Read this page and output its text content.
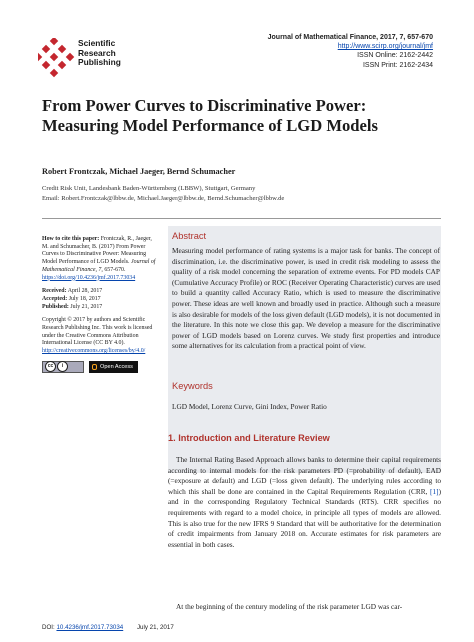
Scientific
Research
Publishing
Journal of Mathematical Finance, 2017, 7, 657-670
http://www.scirp.org/journal/jmf
ISSN Online: 2162-2442
ISSN Print: 2162-2434
From Power Curves to Discriminative Power:
Measuring Model Performance of LGD Models
Robert Frontczak, Michael Jaeger, Bernd Schumacher
Credit Risk Unit, Landesbank Baden-Württemberg (LBBW), Stuttgart, Germany
Email: Robert.Frontczak@lbbw.de, Michael.Jaeger@lbbw.de, Bernd.Schumacher@lbbw.de

How to cite this paper: Frontczak, R., Jaeger, M. and Schumacher, B. (2017) From Power Curves to Discriminative Power: Measuring Model Performance of LGD Models. Journal of Mathematical Finance, 7, 657-670. https://doi.org/10.4236/jmf.2017.73034

Received: April 28, 2017
Accepted: July 18, 2017
Published: July 21, 2017

Copyright © 2017 by authors and Scientific Research Publishing Inc. This work is licensed under the Creative Commons Attribution International License (CC BY 4.0).
http://creativecommons.org/licenses/by/4.0/

cc	i	Open Access
Abstract

Measuring model performance of rating systems is a major task for banks. The concept of discrimination, i.e. the discriminative power, is used in credit risk modeling to assess the quality of a risk model concerning the separation of extreme events. For PD models CAP (Cumulative Accuracy Profile) or ROC (Receiver Operating Characteristic) curves are used to build a quantity called Accuracy Ratio, which is used to measure the discriminative power. These ideas are well known and broadly used in practice. Although such a measure is also desirable for models of the loss given default (LGD models), it is not documented in the literature. In this note we close this gap. We develop a measure for the discriminative power of LGD models based on Lorenz curves. We study first properties and introduce some alternatives for its calculation from a practical point of view.

Keywords
LGD Model, Lorenz Curve, Gini Index, Power Ratio
1. Introduction and Literature Review

The Internal Rating Based Approach allows banks to determine their capital requirements according to internal models for the risk parameters PD (=probability of default), EAD (=exposure at default) and LGD (=loss given default). The underlying rules according to which this shall be done are contained in the Capital Requirements Regulation (CRR, [1]) and in the corresponding Regulatory Technical Standards (RTS). CRR specifies no requirements with regard to a model choice, in principle all types of models are allowed. This is also true for the new IFRS 9 Standard that will be authoritative for the determination of credit impairments from January 2018 on. Accurate estimates for risk parameters are essential in both cases.

At the beginning of the century modeling of the risk parameter LGD was car-

DOI: 10.4236/jmf.2017.73034 July 21, 2017
